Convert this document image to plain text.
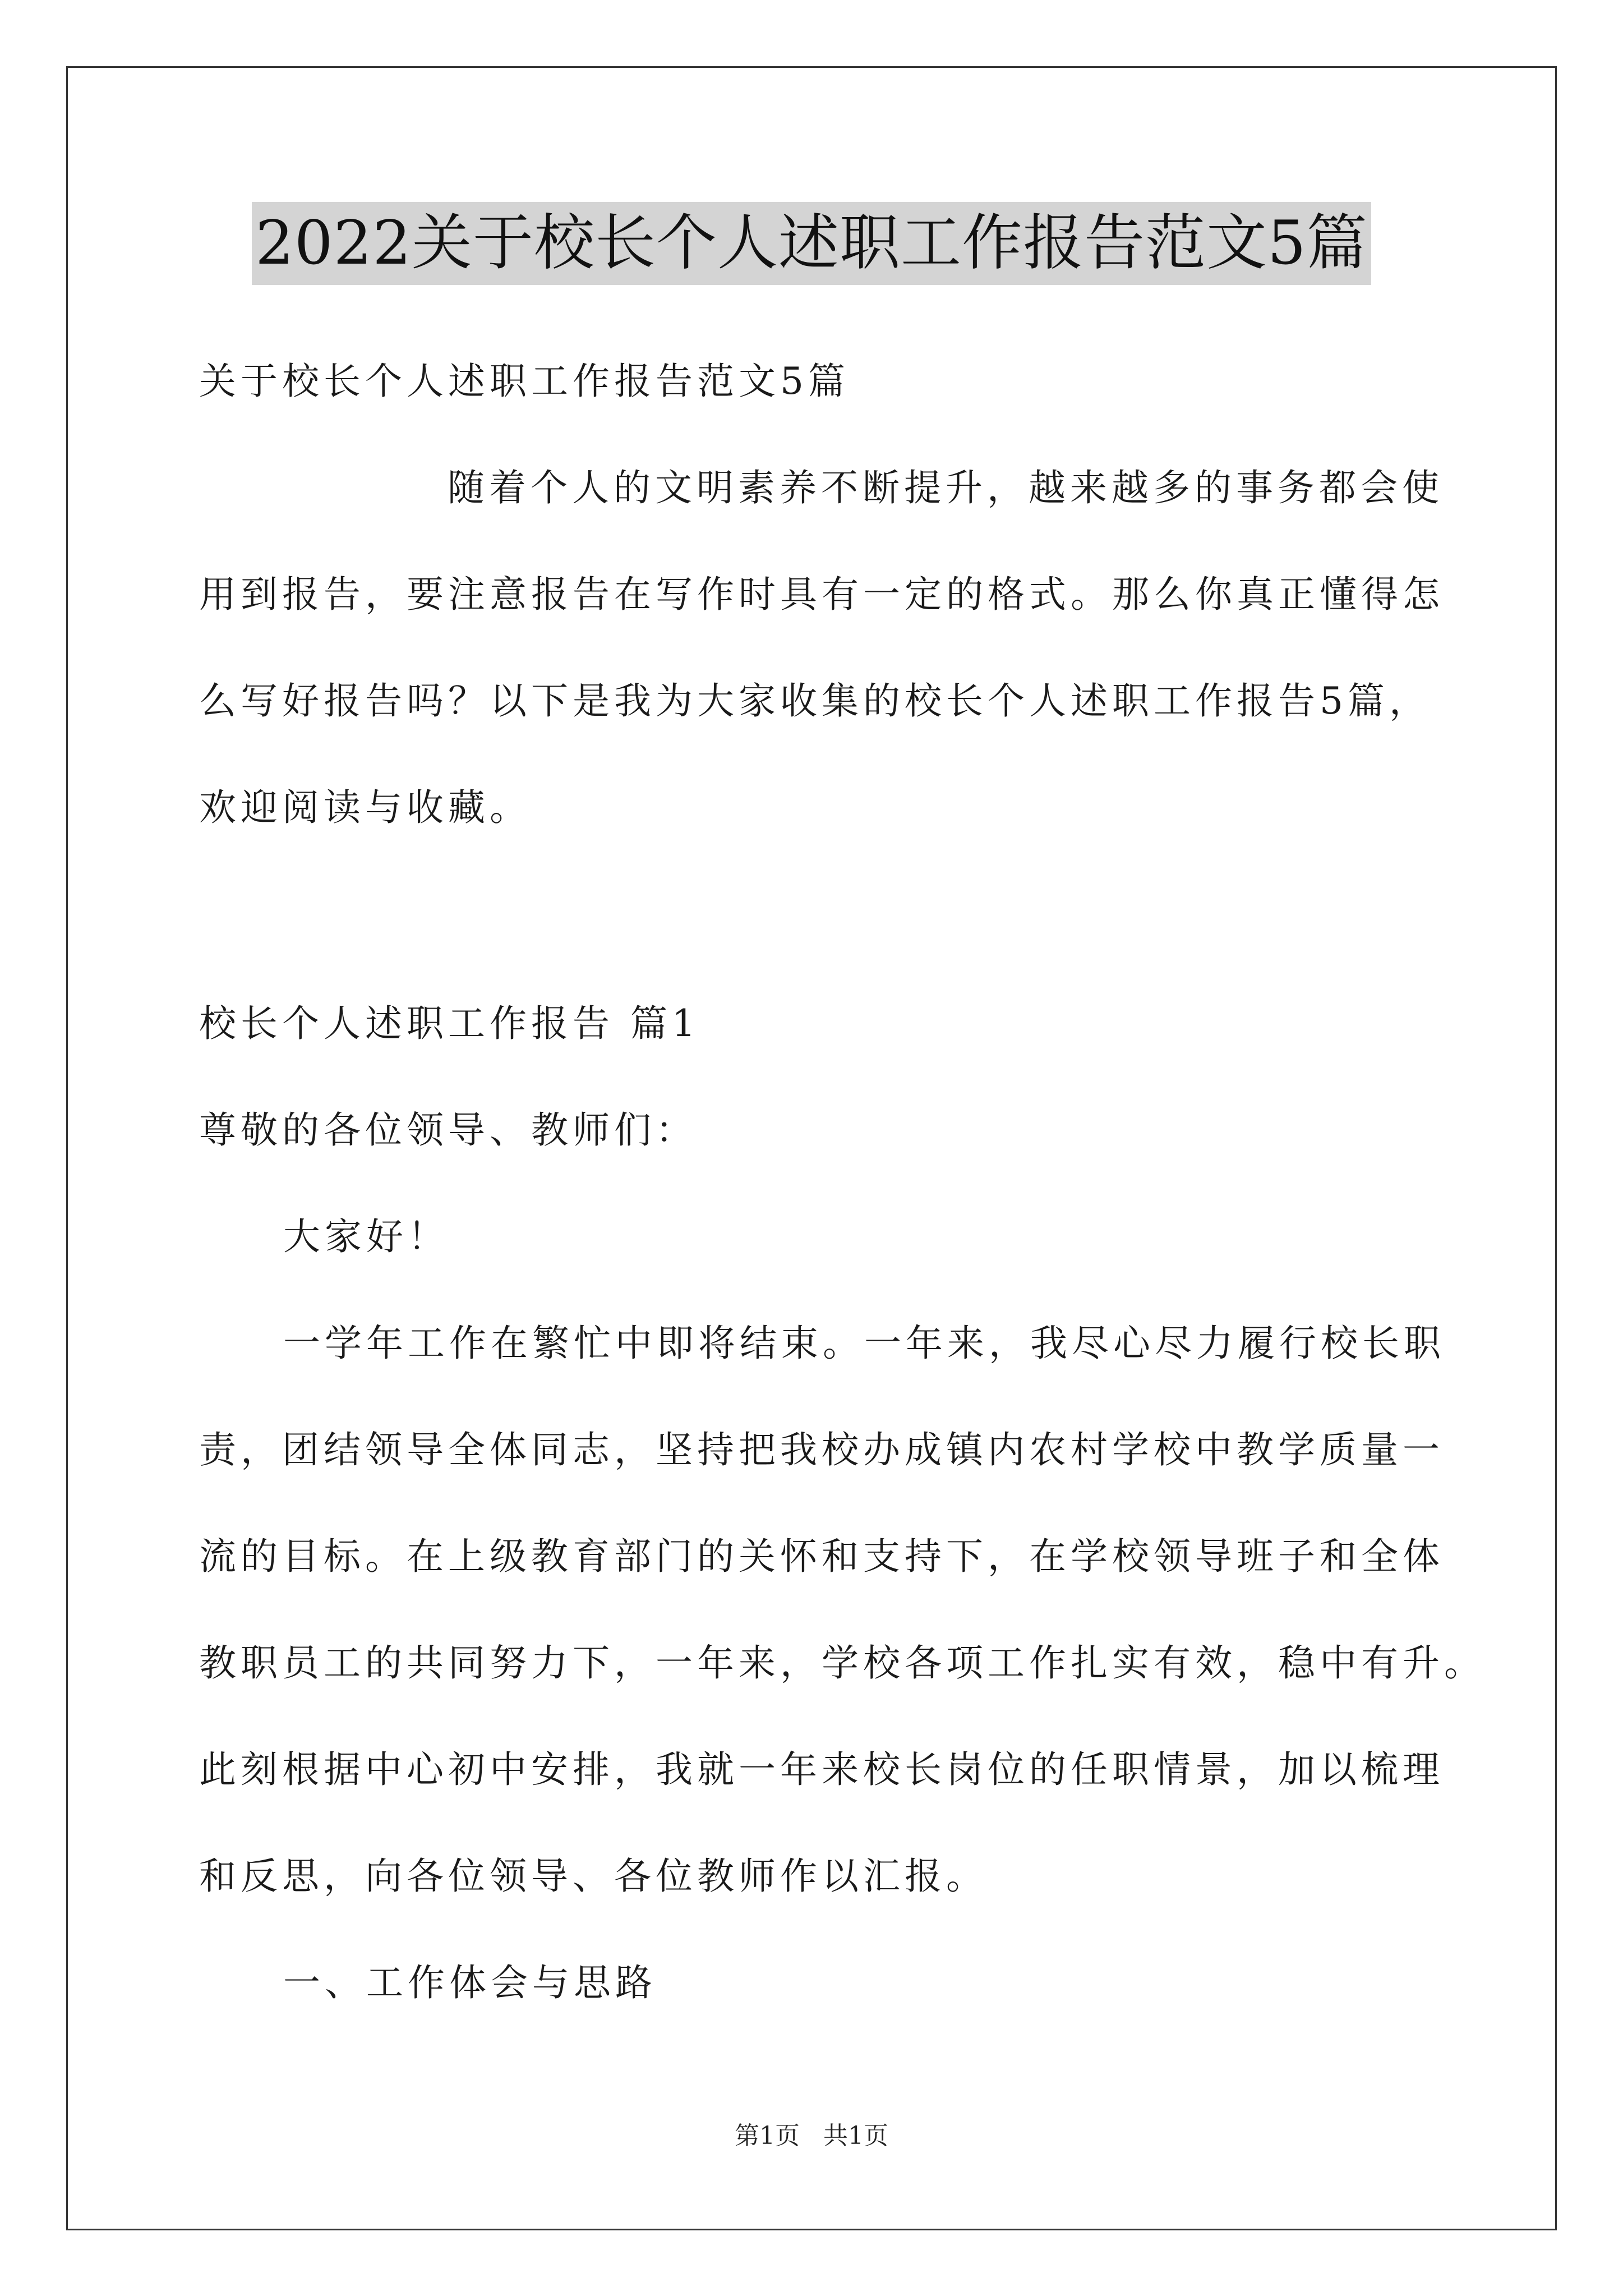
2022关于校长个人述职工作报告范文5篇
关于校长个人述职工作报告范文5篇
随着个人的文明素养不断提升，越来越多的事务都会使
用到报告，要注意报告在写作时具有一定的格式。那么你真正懂得怎
么写好报告吗？以下是我为大家收集的校长个人述职工作报告5篇，
欢迎阅读与收藏。
校长个人述职工作报告 篇1
尊敬的各位领导、教师们：
大家好！
一学年工作在繁忙中即将结束。一年来，我尽心尽力履行校长职
责，团结领导全体同志，坚持把我校办成镇内农村学校中教学质量一
流的目标。在上级教育部门的关怀和支持下，在学校领导班子和全体
教职员工的共同努力下，一年来，学校各项工作扎实有效，稳中有升。
此刻根据中心初中安排，我就一年来校长岗位的任职情景，加以梳理
和反思，向各位领导、各位教师作以汇报。
一、工作体会与思路
第1页 共1页
